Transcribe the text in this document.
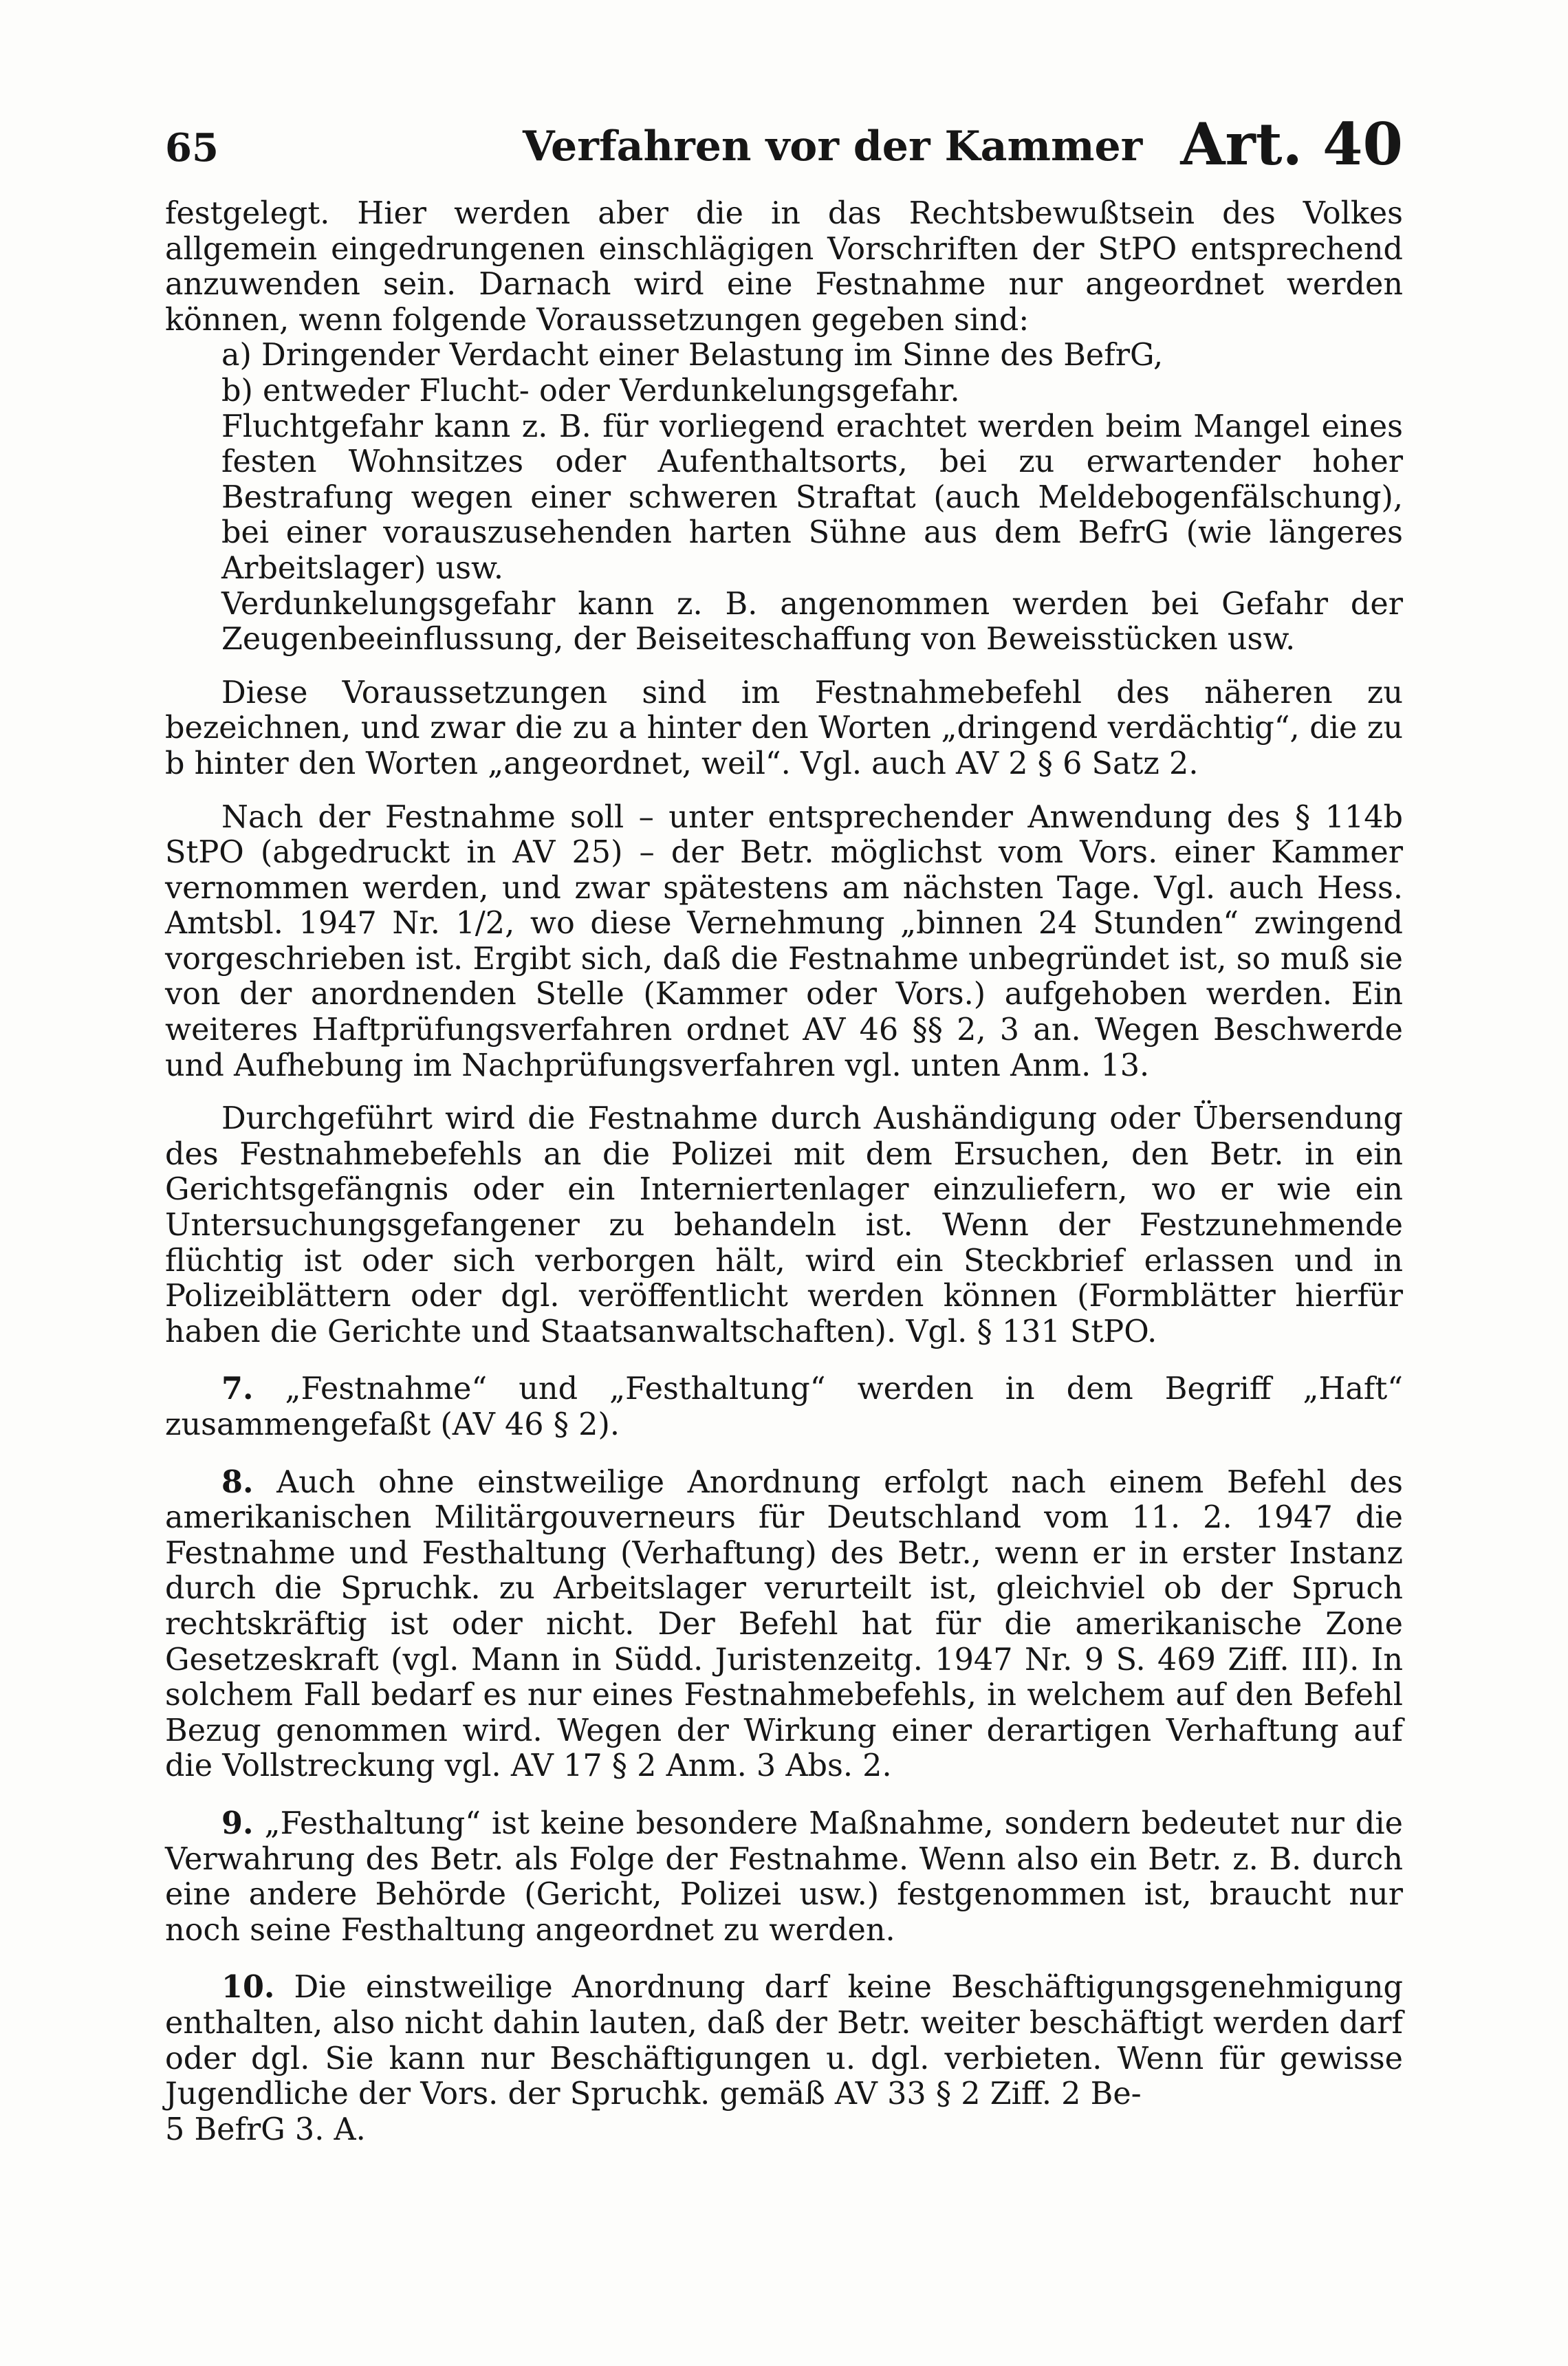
65	Verfahren vor der Kammer Art. 40

festgelegt. Hier werden aber die in das Rechtsbewußtsein des Volkes allgemein eingedrungenen einschlägigen Vorschriften der StPO entsprechend anzuwenden sein. Darnach wird eine Festnahme nur angeordnet werden können, wenn folgende Voraussetzungen gegeben sind:

a) Dringender Verdacht einer Belastung im Sinne des BefrG,

b) entweder Flucht- oder Verdunkelungsgefahr.

Fluchtgefahr kann z. B. für vorliegend erachtet werden beim Mangel eines festen Wohnsitzes oder Aufenthaltsorts, bei zu erwartender hoher Bestrafung wegen einer schweren Straftat (auch Meldebogenfälschung), bei einer vorauszusehenden harten Sühne aus dem BefrG (wie längeres Arbeitslager) usw.

Verdunkelungsgefahr kann z. B. angenommen werden bei Gefahr der Zeugenbeeinflussung, der Beiseiteschaffung von Beweisstücken usw.

Diese Voraussetzungen sind im Festnahmebefehl des näheren zu bezeichnen, und zwar die zu a hinter den Worten „dringend verdächtig“, die zu b hinter den Worten „angeordnet, weil“. Vgl. auch AV 2 § 6 Satz 2.

Nach der Festnahme soll – unter entsprechender Anwendung des § 114b StPO (abgedruckt in AV 25) – der Betr. möglichst vom Vors. einer Kammer vernommen werden, und zwar spätestens am nächsten Tage. Vgl. auch Hess. Amtsbl. 1947 Nr. 1/2, wo diese Vernehmung „binnen 24 Stunden“ zwingend vorgeschrieben ist. Ergibt sich, daß die Festnahme unbegründet ist, so muß sie von der anordnenden Stelle (Kammer oder Vors.) aufgehoben werden. Ein weiteres Haftprüfungsverfahren ordnet AV 46 §§ 2, 3 an. Wegen Beschwerde und Aufhebung im Nachprüfungsverfahren vgl. unten Anm. 13.

Durchgeführt wird die Festnahme durch Aushändigung oder Übersendung des Festnahmebefehls an die Polizei mit dem Ersuchen, den Betr. in ein Gerichtsgefängnis oder ein Interniertenlager einzuliefern, wo er wie ein Untersuchungsgefangener zu behandeln ist. Wenn der Festzunehmende flüchtig ist oder sich verborgen hält, wird ein Steckbrief erlassen und in Polizeiblättern oder dgl. veröffentlicht werden können (Formblätter hierfür haben die Gerichte und Staatsanwaltschaften). Vgl. § 131 StPO.

7. „Festnahme“ und „Festhaltung“ werden in dem Begriff „Haft“ zusammengefaßt (AV 46 § 2).

8. Auch ohne einstweilige Anordnung erfolgt nach einem Befehl des amerikanischen Militärgouverneurs für Deutschland vom 11. 2. 1947 die Festnahme und Festhaltung (Verhaftung) des Betr., wenn er in erster Instanz durch die Spruchk. zu Arbeitslager verurteilt ist, gleichviel ob der Spruch rechtskräftig ist oder nicht. Der Befehl hat für die amerikanische Zone Gesetzeskraft (vgl. Mann in Südd. Juristenzeitg. 1947 Nr. 9 S. 469 Ziff. III). In solchem Fall bedarf es nur eines Festnahmebefehls, in welchem auf den Befehl Bezug genommen wird. Wegen der Wirkung einer derartigen Verhaftung auf die Vollstreckung vgl. AV 17 § 2 Anm. 3 Abs. 2.

9. „Festhaltung“ ist keine besondere Maßnahme, sondern bedeutet nur die Verwahrung des Betr. als Folge der Festnahme. Wenn also ein Betr. z. B. durch eine andere Behörde (Gericht, Polizei usw.) festgenommen ist, braucht nur noch seine Festhaltung angeordnet zu werden.

10. Die einstweilige Anordnung darf keine Beschäftigungsgenehmigung enthalten, also nicht dahin lauten, daß der Betr. weiter beschäftigt werden darf oder dgl. Sie kann nur Beschäftigungen u. dgl. verbieten. Wenn für gewisse Jugendliche der Vors. der Spruchk. gemäß AV 33 § 2 Ziff. 2 Be-

5 BefrG 3. A.
